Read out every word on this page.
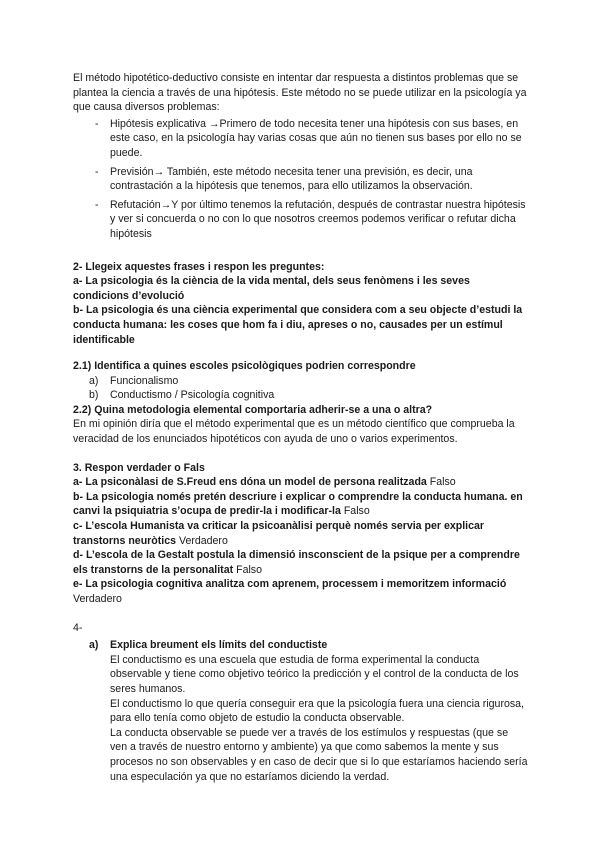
El método hipotético-deductivo consiste en intentar dar respuesta a distintos problemas que se plantea la ciencia a través de una hipótesis. Este método no se puede utilizar en la psicología ya que causa diversos problemas:

- Hipótesis explicativa →Primero de todo necesita tener una hipótesis con sus bases, en este caso, en la psicología hay varias cosas que aún no tienen sus bases por ello no se puede.
- Previsión→ También, este método necesita tener una previsión, es decir, una contrastación a la hipótesis que tenemos, para ello utilizamos la observación.
- Refutación→Y por último tenemos la refutación, después de contrastar nuestra hipótesis y ver si concuerda o no con lo que nosotros creemos podemos verificar o refutar dicha hipótesis

2- Llegeix aquestes frases i respon les preguntes:

a- La psicologia és la ciència de la vida mental, dels seus fenòmens i les seves condicions d’evolució

b- La psicologia és una ciència experimental que considera com a seu objecte d’estudi la conducta humana: les coses que hom fa i diu, apreses o no, causades per un estímul identificable

2.1) Identifica a quines escoles psicològiques podrien correspondre

a) Funcionalismo
b) Conductismo / Psicología cognitiva

2.2) Quina metodologia elemental comportaria adherir-se a una o altra?

En mi opinión diría que el método experimental que es un método científico que comprueba la veracidad de los enunciados hipotéticos con ayuda de uno o varios experimentos.

3. Respon verdader o Fals

a- La psiconàlasi de S.Freud ens dóna un model de persona realitzada Falso

b- La psicologia només pretén descriure i explicar o comprendre la conducta humana. en canvi la psiquiatria s’ocupa de predir-la i modificar-la Falso

c- L’escola Humanista va criticar la psicoanàlisi perquè només servia per explicar transtorns neuròtics Verdadero

d- L’escola de la Gestalt postula la dimensió insconscient de la psique per a comprendre els transtorns de la personalitat Falso

e- La psicologia cognitiva analitza com aprenem, processem i memoritzem informació Verdadero

4-

a) Explica breument els límits del conductiste

El conductismo es una escuela que estudia de forma experimental la conducta observable y tiene como objetivo teórico la predicción y el control de la conducta de los seres humanos.

El conductismo lo que quería conseguir era que la psicología fuera una ciencia rigurosa, para ello tenía como objeto de estudio la conducta observable.

La conducta observable se puede ver a través de los estímulos y respuestas (que se ven a través de nuestro entorno y ambiente) ya que como sabemos la mente y sus procesos no son observables y en caso de decir que si lo que estaríamos haciendo sería una especulación ya que no estaríamos diciendo la verdad.
